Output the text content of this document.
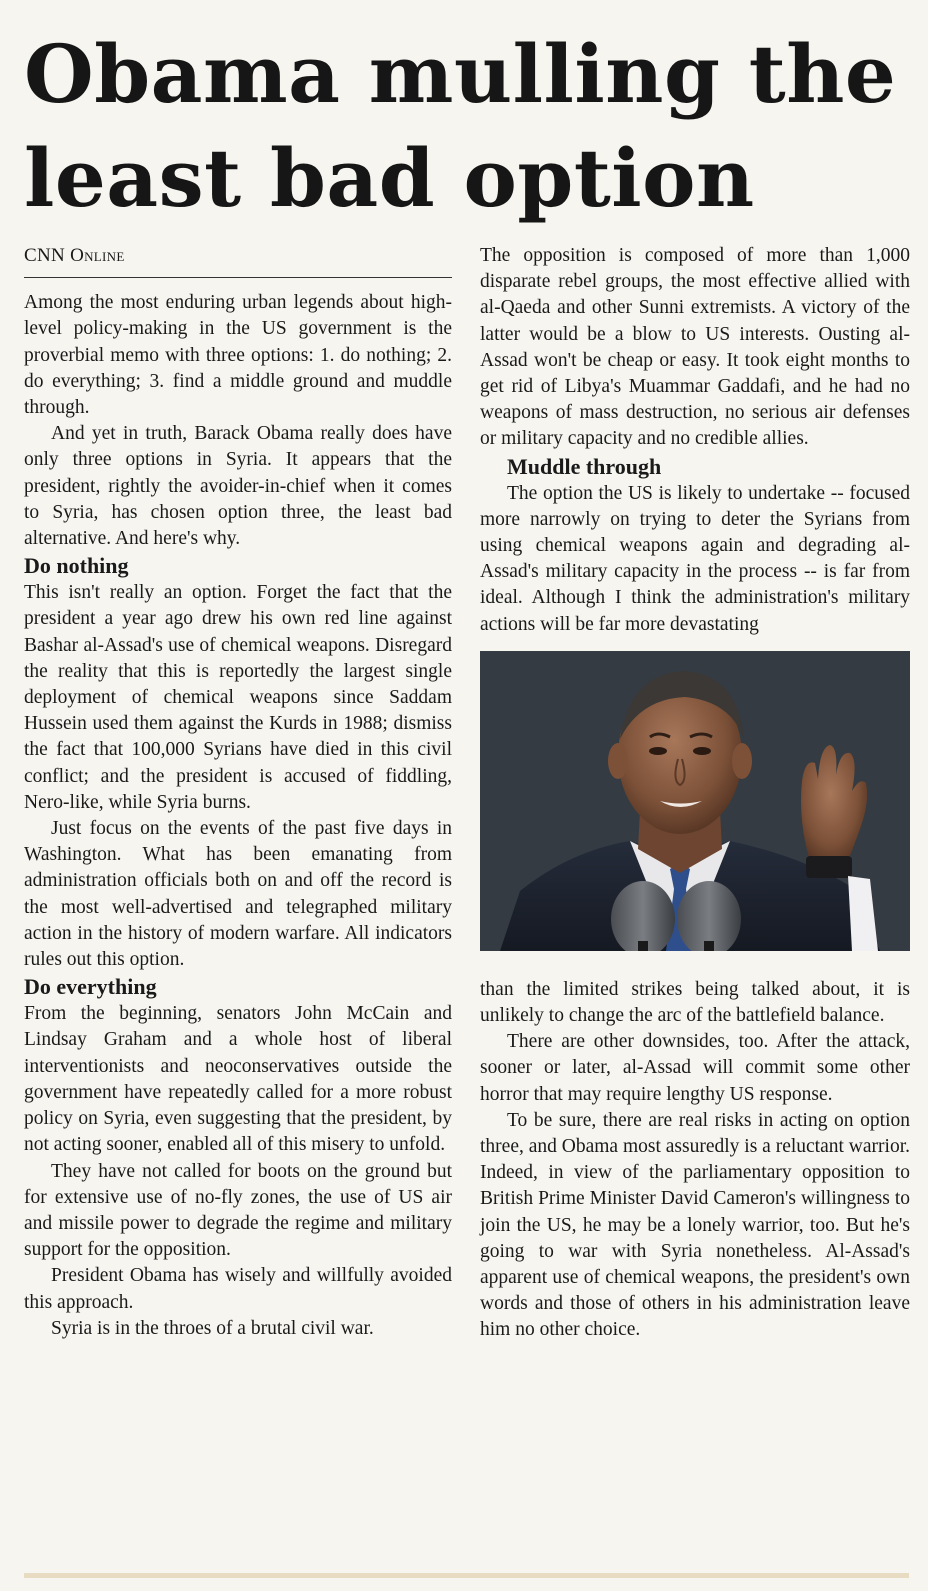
Obama mulling the
least bad option
CNN Online

Among the most enduring urban legends about high-level policy-making in the US government is the proverbial memo with three options: 1. do nothing; 2. do everything; 3. find a middle ground and muddle through.

And yet in truth, Barack Obama really does have only three options in Syria. It appears that the president, rightly the avoider-in-chief when it comes to Syria, has chosen option three, the least bad alternative. And here's why.

Do nothing

This isn't really an option. Forget the fact that the president a year ago drew his own red line against Bashar al-Assad's use of chemical weapons. Disregard the reality that this is reportedly the largest single deployment of chemical weapons since Saddam Hussein used them against the Kurds in 1988; dismiss the fact that 100,000 Syrians have died in this civil conflict; and the president is accused of fiddling, Nero-like, while Syria burns.

Just focus on the events of the past five days in Washington. What has been emanating from administration officials both on and off the record is the most well-advertised and telegraphed military action in the history of modern warfare. All indicators rules out this option.

Do everything

From the beginning, senators John McCain and Lindsay Graham and a whole host of liberal interventionists and neoconservatives outside the government have repeatedly called for a more robust policy on Syria, even suggesting that the president, by not acting sooner, enabled all of this misery to unfold.

They have not called for boots on the ground but for extensive use of no-fly zones, the use of US air and missile power to degrade the regime and military support for the opposition.

President Obama has wisely and willfully avoided this approach.

Syria is in the throes of a brutal civil war.

The opposition is composed of more than 1,000 disparate rebel groups, the most effective allied with al-Qaeda and other Sunni extremists. A victory of the latter would be a blow to US interests. Ousting al-Assad won't be cheap or easy. It took eight months to get rid of Libya's Muammar Gaddafi, and he had no weapons of mass destruction, no serious air defenses or military capacity and no credible allies.

Muddle through

The option the US is likely to undertake -- focused more narrowly on trying to deter the Syrians from using chemical weapons again and degrading al-Assad's military capacity in the process -- is far from ideal. Although I think the administration's military actions will be far more devastating

than the limited strikes being talked about, it is unlikely to change the arc of the battlefield balance.

There are other downsides, too. After the attack, sooner or later, al-Assad will commit some other horror that may require lengthy US response.

To be sure, there are real risks in acting on option three, and Obama most assuredly is a reluctant warrior. Indeed, in view of the parliamentary opposition to British Prime Minister David Cameron's willingness to join the US, he may be a lonely warrior, too. But he's going to war with Syria nonetheless. Al-Assad's apparent use of chemical weapons, the president's own words and those of others in his administration leave him no other choice.
